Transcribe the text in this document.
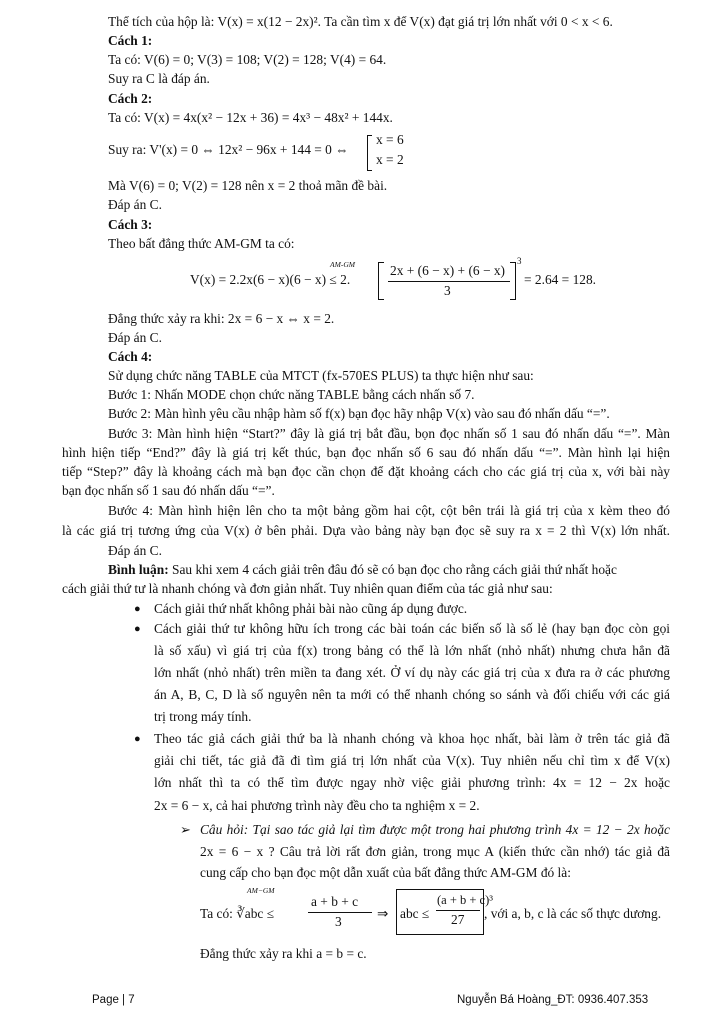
Thể tích của hộp là: V(x) = x(12 − 2x)². Ta cần tìm x để V(x) đạt giá trị lớn nhất với 0 < x < 6.
Cách 1:
Ta có: V(6) = 0; V(3) = 108; V(2) = 128; V(4) = 64.
Suy ra C là đáp án.
Cách 2:
Ta có: V(x) = 4x(x² − 12x + 36) = 4x³ − 48x² + 144x.
Suy ra: V'(x) = 0 ⇔ 12x² − 96x + 144 = 0 ⇔
x = 6
x = 2
Mà V(6) = 0; V(2) = 128 nên x = 2 thoả mãn đề bài.
Đáp án C.
Cách 3:
Theo bất đẳng thức AM-GM ta có:
AM-GM
V(x) = 2.2x(6 − x)(6 − x) ≤ 2.
2x + (6 − x) + (6 − x)
3
3
= 2.64 = 128.
Đẳng thức xảy ra khi: 2x = 6 − x ⇔ x = 2.
Đáp án C.
Cách 4:
Sử dụng chức năng TABLE của MTCT (fx-570ES PLUS) ta thực hiện như sau:
Bước 1: Nhấn MODE chọn chức năng TABLE bằng cách nhấn số 7.
Bước 2: Màn hình yêu cầu nhập hàm số f(x) bạn đọc hãy nhập V(x) vào sau đó nhấn dấu “=”.
Bước 3: Màn hình hiện “Start?” đây là giá trị bắt đầu, bọn đọc nhấn số 1 sau đó nhấn dấu “=”. Màn
hình hiện tiếp “End?” đây là giá trị kết thúc, bạn đọc nhấn số 6 sau đó nhấn dấu “=”. Màn hình lại hiện
tiếp “Step?” đây là khoảng cách mà bạn đọc cần chọn để đặt khoảng cách cho các giá trị của x, với bài này
bạn đọc nhấn số 1 sau đó nhấn dấu “=”.
Bước 4: Màn hình hiện lên cho ta một bảng gồm hai cột, cột bên trái là giá trị của x kèm theo đó
là các giá trị tương ứng của V(x) ở bên phải. Dựa vào bảng này bạn đọc sẽ suy ra x = 2 thì V(x) lớn nhất.
Đáp án C.
Bình luận: Sau khi xem 4 cách giải trên đâu đó sẽ có bạn đọc cho rằng cách giải thứ nhất hoặc
cách giải thứ tư là nhanh chóng và đơn giản nhất. Tuy nhiên quan điểm của tác giả như sau:
● Cách giải thứ nhất không phải bài nào cũng áp dụng được.
● Cách giải thứ tư không hữu ích trong các bài toán các biến số là số lẻ (hay bạn đọc còn gọi
là số xấu) vì giá trị của f(x) trong bảng có thể là lớn nhất (nhỏ nhất) nhưng chưa hẳn đã
lớn nhất (nhỏ nhất) trên miền ta đang xét. Ở ví dụ này các giá trị của x đưa ra ở các phương
án A, B, C, D là số nguyên nên ta mới có thể nhanh chóng so sánh và đối chiếu với các giá
trị trong máy tính.
● Theo tác giả cách giải thứ ba là nhanh chóng và khoa học nhất, bài làm ở trên tác giả đã
giải chi tiết, tác giả đã đi tìm giá trị lớn nhất của V(x). Tuy nhiên nếu chỉ tìm x để V(x)
lớn nhất thì ta có thể tìm được ngay nhờ việc giải phương trình: 4x = 12 − 2x hoặc
2x = 6 − x, cả hai phương trình này đều cho ta nghiệm x = 2.
➢ Câu hỏi: Tại sao tác giả lại tìm được một trong hai phương trình 4x = 12 − 2x hoặc
2x = 6 − x ? Câu trả lời rất đơn giản, trong mục A (kiến thức cần nhớ) tác giả đã
cung cấp cho bạn đọc một dẫn xuất của bất đẳng thức AM-GM đó là:
AM−GM
Ta có: ∛abc ≤
a + b + c
3
⇒ abc ≤
(a + b + c)³
27 , với a, b, c là các số thực dương.
Đẳng thức xảy ra khi a = b = c.
Page | 7	Nguyễn Bá Hoàng_ĐT: 0936.407.353
